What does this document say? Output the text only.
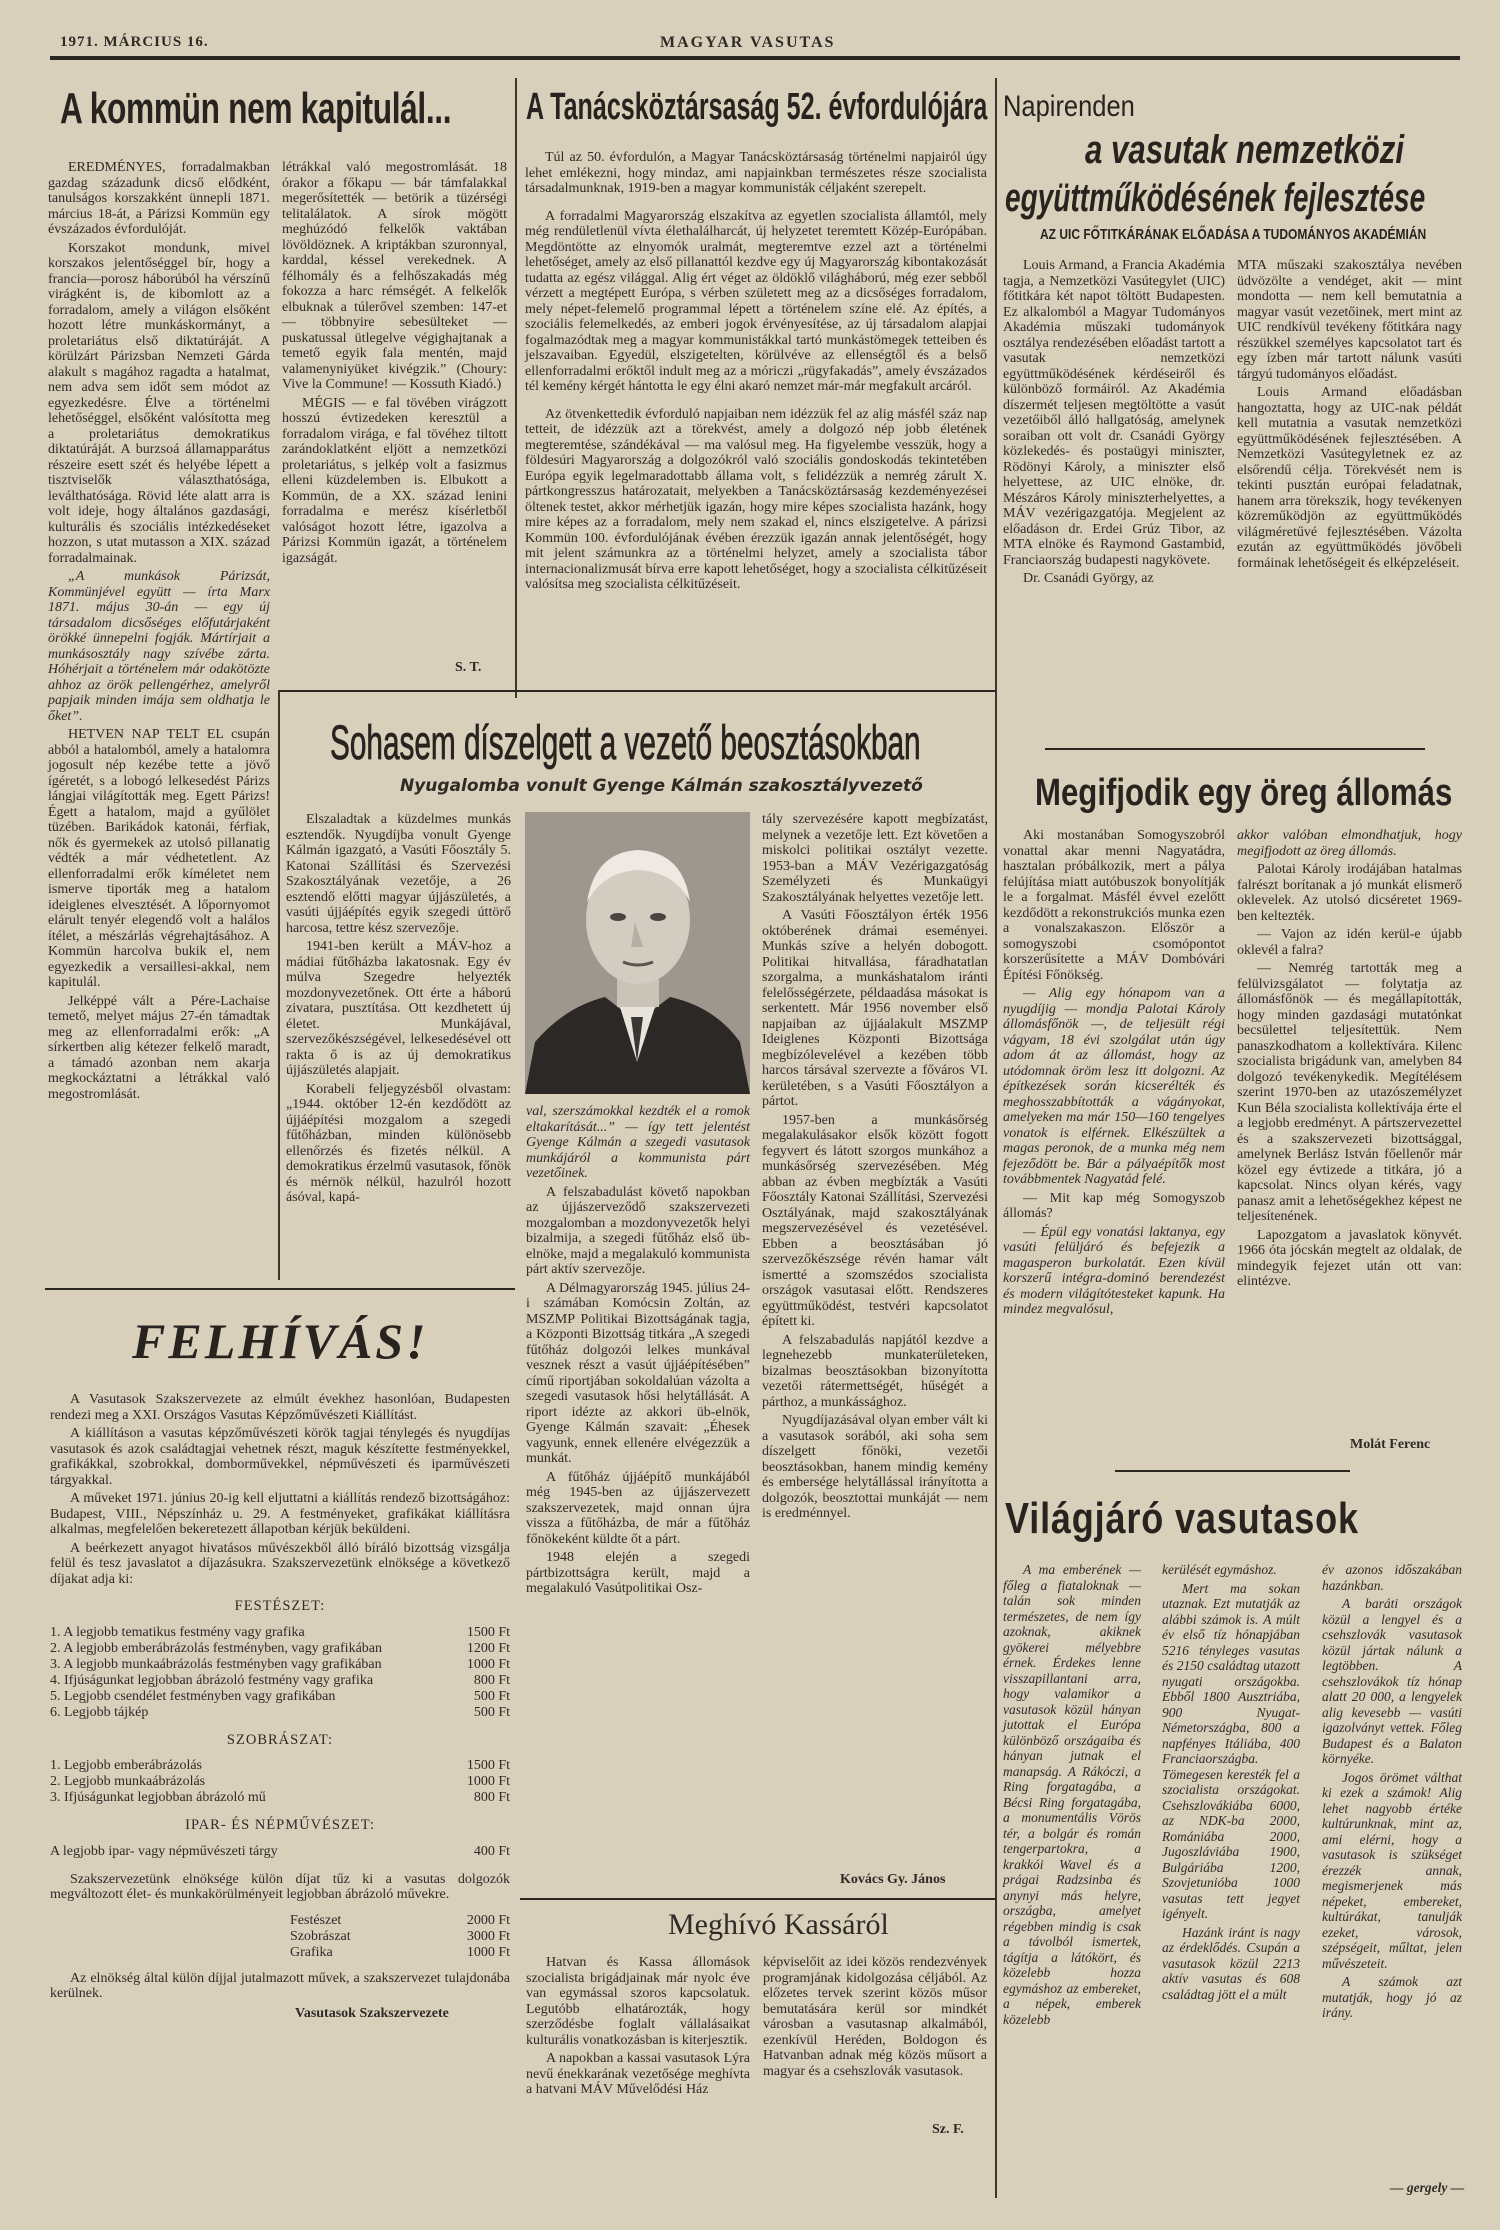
1971. MÁRCIUS 16.	MAGYAR VASUTAS
A kommün nem kapitulál...

EREDMÉNYES, forradalmakban gazdag századunk dicső elődként, tanulságos korszakként ünnepli 1871. március 18-át, a Párizsi Kommün egy évszázados évfordulóját.

Korszakot mondunk, mivel korszakos jelentőséggel bír, hogy a francia—porosz háborúból ha vérszínű virágként is, de kibomlott az a forradalom, amely a világon elsőként hozott létre munkáskormányt, a proletariátus első diktatúráját. A körülzárt Párizsban Nemzeti Gárda alakult s magához ragadta a hatalmat, nem adva sem időt sem módot az egyezkedésre. Élve a történelmi lehetőséggel, elsőként valósította meg a proletariátus demokratikus diktatúráját. A burzsoá államapparátus részeire esett szét és helyébe lépett a tisztviselők választhatósága, leválthatósága. Rövid léte alatt arra is volt ideje, hogy általános gazdasági, kulturális és szociális intézkedéseket hozzon, s utat mutasson a XIX. század forradalmainak.

„A munkások Párizsát, Kommünjével együtt — írta Marx 1871. május 30-án — egy új társadalom dicsőséges előfutárjaként örökké ünnepelni fogják. Mártírjait a munkásosztály nagy szívébe zárta. Hóhérjait a történelem már odakötözte ahhoz az örök pellengérhez, amelyről papjaik minden imája sem oldhatja le őket”.

HETVEN NAP TELT EL csupán abból a hatalomból, amely a hatalomra jogosult nép kezébe tette a jövő ígéretét, s a lobogó lelkesedést Párizs lángjai világították meg. Egett Párizs! Égett a hatalom, majd a gyűlölet tüzében. Barikádok katonái, férfiak, nők és gyermekek az utolsó pillanatig védték a már védhetetlent. Az ellenforradalmi erők kíméletet nem ismerve tiporták meg a hatalom ideiglenes elvesztését. A lőpornyomot elárult tenyér elegendő volt a halálos ítélet, a mészárlás végrehajtásához. A Kommün harcolva bukik el, nem egyezkedik a versaillesi-akkal, nem kapitulál.

Jelképpé vált a Pére-Lachaise temető, melyet május 27-én támadtak meg az ellenforradalmi erők: „A sírkertben alig kétezer felkelő maradt, a támadó azonban nem akarja megkockáztatni a létrákkal való megostromlását.

létrákkal való megostromlását. 18 órakor a főkapu — bár támfalakkal megerősítették — betörik a tüzérségi telitalálatok. A sírok mögött meghúzódó felkelők vaktában lövöldöznek. A kriptákban szuronnyal, karddal, késsel verekednek. A félhomály és a felhőszakadás még fokozza a harc rémségét. A felkelők elbuknak a túlerővel szemben: 147-et — többnyire sebesülteket — puskatussal ütlegelve végighajtanak a temető egyik fala mentén, majd valamenyniyüket kivégzik.” (Choury: Vive la Commune! — Kossuth Kiadó.)

MÉGIS — e fal tövében virágzott hosszú évtizedeken keresztül a forradalom virága, e fal tövéhez tiltott zarándoklatként eljött a nemzetközi proletariátus, s jelkép volt a fasizmus elleni küzdelemben is. Elbukott a Kommün, de a XX. század lenini forradalma e merész kísérletből valóságot hozott létre, igazolva a Párizsi Kommün igazát, a történelem igazságát.

S. T.
A Tanácsköztársaság 52. évfordulójára

Túl az 50. évfordulón, a Magyar Tanácsköztársaság történelmi napjairól úgy lehet emlékezni, hogy mindaz, ami napjainkban természetes része szocialista társadalmunknak, 1919-ben a magyar kommunisták céljaként szerepelt.

A forradalmi Magyarország elszakítva az egyetlen szocialista államtól, mely még rendületlenül vívta élethalálharcát, új helyzetet teremtett Közép-Európában. Megdöntötte az elnyomók uralmát, megteremtve ezzel azt a történelmi lehetőséget, amely az első pillanattól kezdve egy új Magyarország kibontakozását tudatta az egész világgal. Alig ért véget az öldöklő világháború, még ezer sebből vérzett a megtépett Európa, s vérben született meg az a dicsőséges forradalom, mely népet-felemelő programmal lépett a történelem színe elé. Az építés, a szociális felemelkedés, az emberi jogok érvényesítése, az új társadalom alapjai fogalmazódtak meg a magyar kommunistákkal tartó munkástömegek tetteiben és jelszavaiban. Egyedül, elszigetelten, körülvéve az ellenségtől és a belső ellenforradalmi erőktől indult meg az a móriczi „rügyfakadás”, amely évszázados tél kemény kérgét hántotta le egy élni akaró nemzet már-már megfakult arcáról.

Az ötvenkettedik évforduló napjaiban nem idézzük fel az alig másfél száz nap tetteit, de idézzük azt a törekvést, amely a dolgozó nép jobb életének megteremtése, szándékával — ma valósul meg. Ha figyelembe vesszük, hogy a földesúri Magyarország a dolgozókról való szociális gondoskodás tekintetében Európa egyik legelmaradottabb állama volt, s felidézzük a nemrég zárult X. pártkongresszus határozatait, melyekben a Tanácsköztársaság kezdeményezései öltenek testet, akkor mérhetjük igazán, hogy mire képes szocialista hazánk, hogy mire képes az a forradalom, mely nem szakad el, nincs elszigetelve. A párizsi Kommün 100. évfordulójának évében érezzük igazán annak jelentőségét, hogy mit jelent számunkra az a történelmi helyzet, amely a szocialista tábor internacionalizmusát bírva erre kapott lehetőséget, hogy a szocialista célkitűzéseit valósítsa meg szocialista célkitűzéseit.

Napirenden
a vasutak nemzetközi
együttműködésének fejlesztése
AZ UIC FŐTITKÁRÁNAK ELŐADÁSA A TUDOMÁNYOS AKADÉMIÁN

Louis Armand, a Francia Akadémia tagja, a Nemzetközi Vasútegylet (UIC) főtitkára két napot töltött Budapesten. Ez alkalomból a Magyar Tudományos Akadémia műszaki tudományok osztálya rendezésében előadást tartott a vasutak nemzetközi együttműködésének kérdéseiről és különböző formáiról. Az Akadémia díszermét teljesen megtöltötte a vasút vezetőiből álló hallgatóság, amelynek soraiban ott volt dr. Csanádi György közlekedés- és postaügyi miniszter, Rödönyi Károly, a miniszter első helyettese, az UIC elnöke, dr. Mészáros Károly miniszterhelyettes, a MÁV vezérigazgatója. Megjelent az előadáson dr. Erdei Grúz Tibor, az MTA elnöke és Raymond Gastambid, Franciaország budapesti nagykövete.

Dr. Csanádi György, az

MTA műszaki szakosztálya nevében üdvözölte a vendéget, akit — mint mondotta — nem kell bemutatnia a magyar vasút vezetőinek, mert mint az UIC rendkívül tevékeny főtitkára nagy részükkel személyes kapcsolatot tart és egy ízben már tartott nálunk vasúti tárgyú tudományos előadást.

Louis Armand előadásban hangoztatta, hogy az UIC-nak példát kell mutatnia a vasutak nemzetközi együttműködésének fejlesztésében. A Nemzetközi Vasútegyletnek ez az elsőrendű célja. Törekvését nem is tekinti pusztán európai feladatnak, hanem arra törekszik, hogy tevékenyen közreműködjön az együttműködés világméretűvé fejlesztésében. Vázolta ezután az együttműködés jövőbeli formáinak lehetőségeit és elképzeléseit.

Sohasem díszelgett a vezető beosztásokban
Nyugalomba vonult Gyenge Kálmán szakosztályvezető

Elszaladtak a küzdelmes munkás esztendők. Nyugdíjba vonult Gyenge Kálmán igazgató, a Vasúti Főosztály 5. Katonai Szállítási és Szervezési Szakosztályának vezetője, a 26 esztendő előtti magyar újjászületés, a vasúti újjáépítés egyik szegedi úttörő harcosa, tettre kész szervezője.

1941-ben került a MÁV-hoz a mádiai fűtőházba lakatosnak. Egy év múlva Szegedre helyezték mozdonyvezetőnek. Ott érte a háború zivatara, pusztítása. Ott kezdhetett új életet. Munkájával, szervezőkészségével, lelkesedésével ott rakta ő is az új demokratikus újjászületés alapjait.

Korabeli feljegyzésből olvastam: „1944. október 12-én kezdődött az újjáépítési mozgalom a szegedi fűtőházban, minden különösebb ellenőrzés és fizetés nélkül. A demokratikus érzelmű vasutasok, főnök és mérnök nélkül, hazulról hozott ásóval, kapá-

val, szerszámokkal kezdték el a romok eltakarítását...” — így tett jelentést Gyenge Kálmán a szegedi vasutasok munkájáról a kommunista párt vezetőinek.

A felszabadulást követő napokban az újjászerveződő szakszervezeti mozgalomban a mozdonyvezetők helyi bizalmija, a szegedi fűtőház első üb-elnöke, majd a megalakuló kommunista párt aktív szervezője.

A Délmagyarország 1945. július 24-i számában Komócsin Zoltán, az MSZMP Politikai Bizottságának tagja, a Központi Bizottság titkára „A szegedi fűtőház dolgozói lelkes munkával vesznek részt a vasút újjáépítésében” című riportjában sokoldalúan vázolta a szegedi vasutasok hősi helytállását. A riport idézte az akkori üb-elnök, Gyenge Kálmán szavait: „Éhesek vagyunk, ennek ellenére elvégezzük a munkát.

A fűtőház újjáépítő munkájából még 1945-ben az újjászervezett szakszervezetek, majd onnan újra vissza a fűtőházba, de már a fűtőház főnökeként küldte őt a párt.

1948 elején a szegedi pártbizottságra került, majd a megalakuló Vasútpolitikai Osz-

tály szervezésére kapott megbízatást, melynek a vezetője lett. Ezt követően a miskolci politikai osztályt vezette. 1953-ban a MÁV Vezérigazgatóság Személyzeti és Munkaügyi Szakosztályának helyettes vezetője lett.

A Vasúti Főosztályon érték 1956 októberének drámai eseményei. Munkás szíve a helyén dobogott. Politikai hitvallása, fáradhatatlan szorgalma, a munkáshatalom iránti felelősségérzete, példaadása másokat is serkentett. Már 1956 november első napjaiban az újjáalakult MSZMP Ideiglenes Központi Bizottsága megbízólevelével a kezében több harcos társával szervezte a főváros VI. kerületében, s a Vasúti Főosztályon a pártot.

1957-ben a munkásőrség megalakulásakor elsők között fogott fegyvert és látott szorgos munkához a munkásőrség szervezésében. Még abban az évben megbízták a Vasúti Főosztály Katonai Szállítási, Szervezési Osztályának, majd szakosztályának megszervezésével és vezetésével. Ebben a beosztásában jó szervezőkészsége révén hamar vált ismertté a szomszédos szocialista országok vasutasai előtt. Rendszeres együttműködést, testvéri kapcsolatot épített ki.

A felszabadulás napjától kezdve a legnehezebb munkaterületeken, bizalmas beosztásokban bizonyította vezetői rátermettségét, hűségét a párthoz, a munkássághoz.

Nyugdíjazásával olyan ember vált ki a vasutasok sorából, aki soha sem díszelgett főnöki, vezetői beosztásokban, hanem mindig kemény és embersége helytállással irányította a dolgozók, beosztottai munkáját — nem is eredménnyel.

Kovács Gy. János
Megifjodik egy öreg állomás

Aki mostanában Somogyszobról vonattal akar menni Nagyatádra, hasztalan próbálkozik, mert a pálya felújítása miatt autóbuszok bonyolítják le a forgalmat. Másfél évvel ezelőtt kezdődött a rekonstrukciós munka ezen a vonalszakaszon. Először a somogyszobi csomópontot korszerűsítette a MÁV Dombóvári Építési Főnökség.

— Alig egy hónapom van a nyugdíjig — mondja Palotai Károly állomásfőnök —, de teljesült régi vágyam, 18 évi szolgálat után úgy adom át az állomást, hogy az utódomnak öröm lesz itt dolgozni. Az építkezések során kicserélték és meghosszabbították a vágányokat, amelyeken ma már 150—160 tengelyes vonatok is elférnek. Elkészültek a magas peronok, de a munka még nem fejeződött be. Bár a pályaépítők most továbbmentek Nagyatád felé.

— Mit kap még Somogyszob állomás?

— Épül egy vonatási laktanya, egy vasúti felüljáró és befejezik a magasperon burkolatát. Ezen kívül korszerű intégra-dominó berendezést és modern világítótesteket kapunk. Ha mindez megvalósul,

akkor valóban elmondhatjuk, hogy megifjodott az öreg állomás.

Palotai Károly irodájában hatalmas falrészt borítanak a jó munkát elismerő oklevelek. Az utolsó dicséretet 1969-ben keltezték.

— Vajon az idén kerül-e újabb oklevél a falra?

— Nemrég tartották meg a felülvizsgálatot — folytatja az állomásfőnök — és megállapították, hogy minden gazdasági mutatónkat becsülettel teljesítettük. Nem panaszkodhatom a kollektívára. Kilenc szocialista brigádunk van, amelyben 84 dolgozó tevékenykedik. Megítélésem szerint 1970-ben az utazószemélyzet Kun Béla szocialista kollektívája érte el a legjobb eredményt. A pártszervezettel és a szakszervezeti bizottsággal, amelynek Berlász István főellenőr már közel egy évtizede a titkára, jó a kapcsolat. Nincs olyan kérés, vagy panasz amit a lehetőségekhez képest ne teljesítenének.

Lapozgatom a javaslatok könyvét. 1966 óta jócskán megtelt az oldalak, de mindegyik fejezet után ott van: elintézve.

Molát Ferenc
Világjáró vasutasok

A ma emberének — főleg a fiataloknak — talán sok minden természetes, de nem így azoknak, akiknek gyökerei mélyebbre érnek. Érdekes lenne visszapillantani arra, hogy valamikor a vasutasok közül hányan jutottak el Európa különböző országaiba és hányan jutnak el manapság. A Rákóczi, a Ring forgatagába, a Bécsi Ring forgatagába, a monumentális Vörös tér, a bolgár és román tengerpartokra, a krakkói Wavel és a prágai Radzsinba és anynyi más helyre, országba, amelyet régebben mindig is csak a távolból ismertek, tágítja a látókört, és közelebb hozza egymáshoz az embereket, a népek, emberek közelebb

kerülését egymáshoz.

Mert ma sokan utaznak. Ezt mutatják az alábbi számok is. A múlt év első tíz hónapjában 5216 tényleges vasutas és 2150 családtag utazott nyugati országokba. Ebből 1800 Ausztriába, 900 Nyugat-Németországba, 800 a napfényes Itáliába, 400 Franciaországba. Tömegesen keresték fel a szocialista országokat. Csehszlovákiába 6000, az NDK-ba 2000, Romániába 2000, Jugoszláviába 1900, Bulgáriába 1200, Szovjetunióba 1000 vasutas tett jegyet igényelt.

Hazánk iránt is nagy az érdeklődés. Csupán a vasutasok közül 2213 aktív vasutas és 608 családtag jött el a múlt

év azonos időszakában hazánkban.

A baráti országok közül a lengyel és a csehszlovák vasutasok közül jártak nálunk a legtöbben. A csehszlovákok tíz hónap alatt 20 000, a lengyelek alig kevesebb — vasúti igazolványt vettek. Főleg Budapest és a Balaton környéke.

Jogos örömet válthat ki ezek a számok! Alig lehet nagyobb értéke kultúrunknak, mint az, ami elérni, hogy a vasutasok is szükséget érezzék annak, megismerjenek más népeket, embereket, kultúrákat, tanulják ezeket, városok, szépségeit, műltat, jelen művészeteit.

A számok azt mutatják, hogy jó az irány.

— gergely —
FELHÍVÁS!

A Vasutasok Szakszervezete az elmúlt évekhez hasonlóan, Budapesten rendezi meg a XXI. Országos Vasutas Képzőművészeti Kiállítást.

A kiállításon a vasutas képzőművészeti körök tagjai ténylegés és nyugdíjas vasutasok és azok családtagjai vehetnek részt, maguk készítette festményekkel, grafikákkal, szobrokkal, domborművekkel, népművészeti és iparművészeti tárgyakkal.

A műveket 1971. június 20-ig kell eljuttatni a kiállítás rendező bizottságához: Budapest, VIII., Népszínház u. 29. A festményeket, grafikákat kiállításra alkalmas, megfelelően bekeretezett állapotban kérjük beküldeni.

A beérkezett anyagot hivatásos művészekből álló bíráló bizottság vizsgálja felül és tesz javaslatot a díjazásukra. Szakszervezetünk elnöksége a következő díjakat adja ki:

FESTÉSZET:
1. A legjobb tematikus festmény vagy grafika	1500 Ft
2. A legjobb emberábrázolás festményben, vagy grafikában	1200 Ft
3. A legjobb munkaábrázolás festményben vagy grafikában	1000 Ft
4. Ifjúságunkat legjobban ábrázoló festmény vagy grafika	800 Ft
5. Legjobb csendélet festményben vagy grafikában	500 Ft
6. Legjobb tájkép	500 Ft
SZOBRÁSZAT:
1. Legjobb emberábrázolás	1500 Ft
2. Legjobb munkaábrázolás	1000 Ft
3. Ifjúságunkat legjobban ábrázoló mű	800 Ft
IPAR- ÉS NÉPMŰVÉSZET:
A legjobb ipar- vagy népművészeti tárgy	400 Ft

Szakszervezetünk elnöksége külön díjat tűz ki a vasutas dolgozók megváltozott élet- és munkakörülményeit legjobban ábrázoló művekre.

Festészet	2000 Ft
Szobrászat	3000 Ft
Grafika	1000 Ft

Az elnökség által külön díjjal jutalmazott művek, a szakszervezet tulajdonába kerülnek.

Vasutasok Szakszervezete
Meghívó Kassáról

Hatvan és Kassa állomások szocialista brigádjainak már nyolc éve van egymással szoros kapcsolatuk. Legutóbb elhatározták, hogy szerződésbe foglalt vállalásaikat kulturális vonatkozásban is kiterjesztik.

A napokban a kassai vasutasok Lýra nevű énekkarának vezetősége meghívta a hatvani MÁV Művelődési Ház

képviselőit az idei közös rendezvények programjának kidolgozása céljából. Az előzetes tervek szerint közös műsor bemutatására kerül sor mindkét városban a vasutasnap alkalmából, ezenkívül Heréden, Boldogon és Hatvanban adnak még közös műsort a magyar és a csehszlovák vasutasok.

Sz. F.
